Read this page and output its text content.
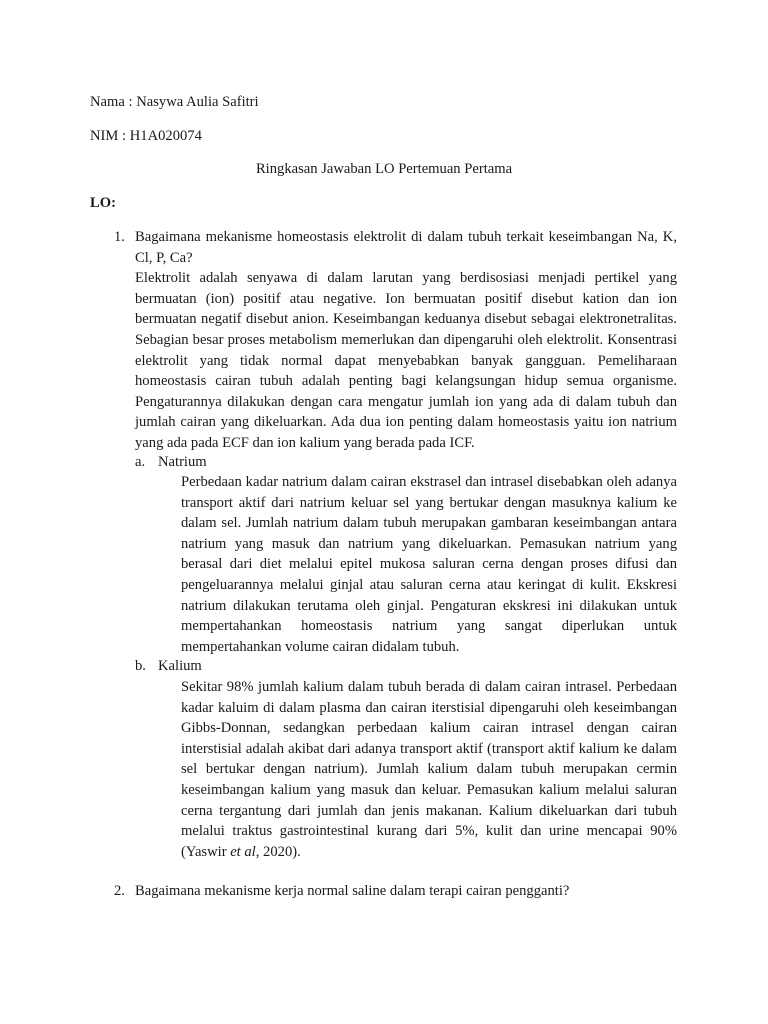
Nama : Nasywa Aulia Safitri
NIM : H1A020074
Ringkasan Jawaban LO Pertemuan Pertama
LO:
1. Bagaimana mekanisme homeostasis elektrolit di dalam tubuh terkait keseimbangan Na, K, Cl, P, Ca?

Elektrolit adalah senyawa di dalam larutan yang berdisosiasi menjadi pertikel yang bermuatan (ion) positif atau negative. Ion bermuatan positif disebut kation dan ion bermuatan negatif disebut anion. Keseimbangan keduanya disebut sebagai elektronetralitas. Sebagian besar proses metabolism memerlukan dan dipengaruhi oleh elektrolit. Konsentrasi elektrolit yang tidak normal dapat menyebabkan banyak gangguan. Pemeliharaan homeostasis cairan tubuh adalah penting bagi kelangsungan hidup semua organisme. Pengaturannya dilakukan dengan cara mengatur jumlah ion yang ada di dalam tubuh dan jumlah cairan yang dikeluarkan. Ada dua ion penting dalam homeostasis yaitu ion natrium yang ada pada ECF dan ion kalium yang berada pada ICF.

a. Natrium

Perbedaan kadar natrium dalam cairan ekstrasel dan intrasel disebabkan oleh adanya transport aktif dari natrium keluar sel yang bertukar dengan masuknya kalium ke dalam sel. Jumlah natrium dalam tubuh merupakan gambaran keseimbangan antara natrium yang masuk dan natrium yang dikeluarkan. Pemasukan natrium yang berasal dari diet melalui epitel mukosa saluran cerna dengan proses difusi dan pengeluarannya melalui ginjal atau saluran cerna atau keringat di kulit. Ekskresi natrium dilakukan terutama oleh ginjal. Pengaturan ekskresi ini dilakukan untuk mempertahankan homeostasis natrium yang sangat diperlukan untuk mempertahankan volume cairan didalam tubuh.

b. Kalium

Sekitar 98% jumlah kalium dalam tubuh berada di dalam cairan intrasel. Perbedaan kadar kaluim di dalam plasma dan cairan iterstisial dipengaruhi oleh keseimbangan Gibbs-Donnan, sedangkan perbedaan kalium cairan intrasel dengan cairan interstisial adalah akibat dari adanya transport aktif (transport aktif kalium ke dalam sel bertukar dengan natrium). Jumlah kalium dalam tubuh merupakan cermin keseimbangan kalium yang masuk dan keluar. Pemasukan kalium melalui saluran cerna tergantung dari jumlah dan jenis makanan. Kalium dikeluarkan dari tubuh melalui traktus gastrointestinal kurang dari 5%, kulit dan urine mencapai 90% (Yaswir et al, 2020).

2. Bagaimana mekanisme kerja normal saline dalam terapi cairan pengganti?
